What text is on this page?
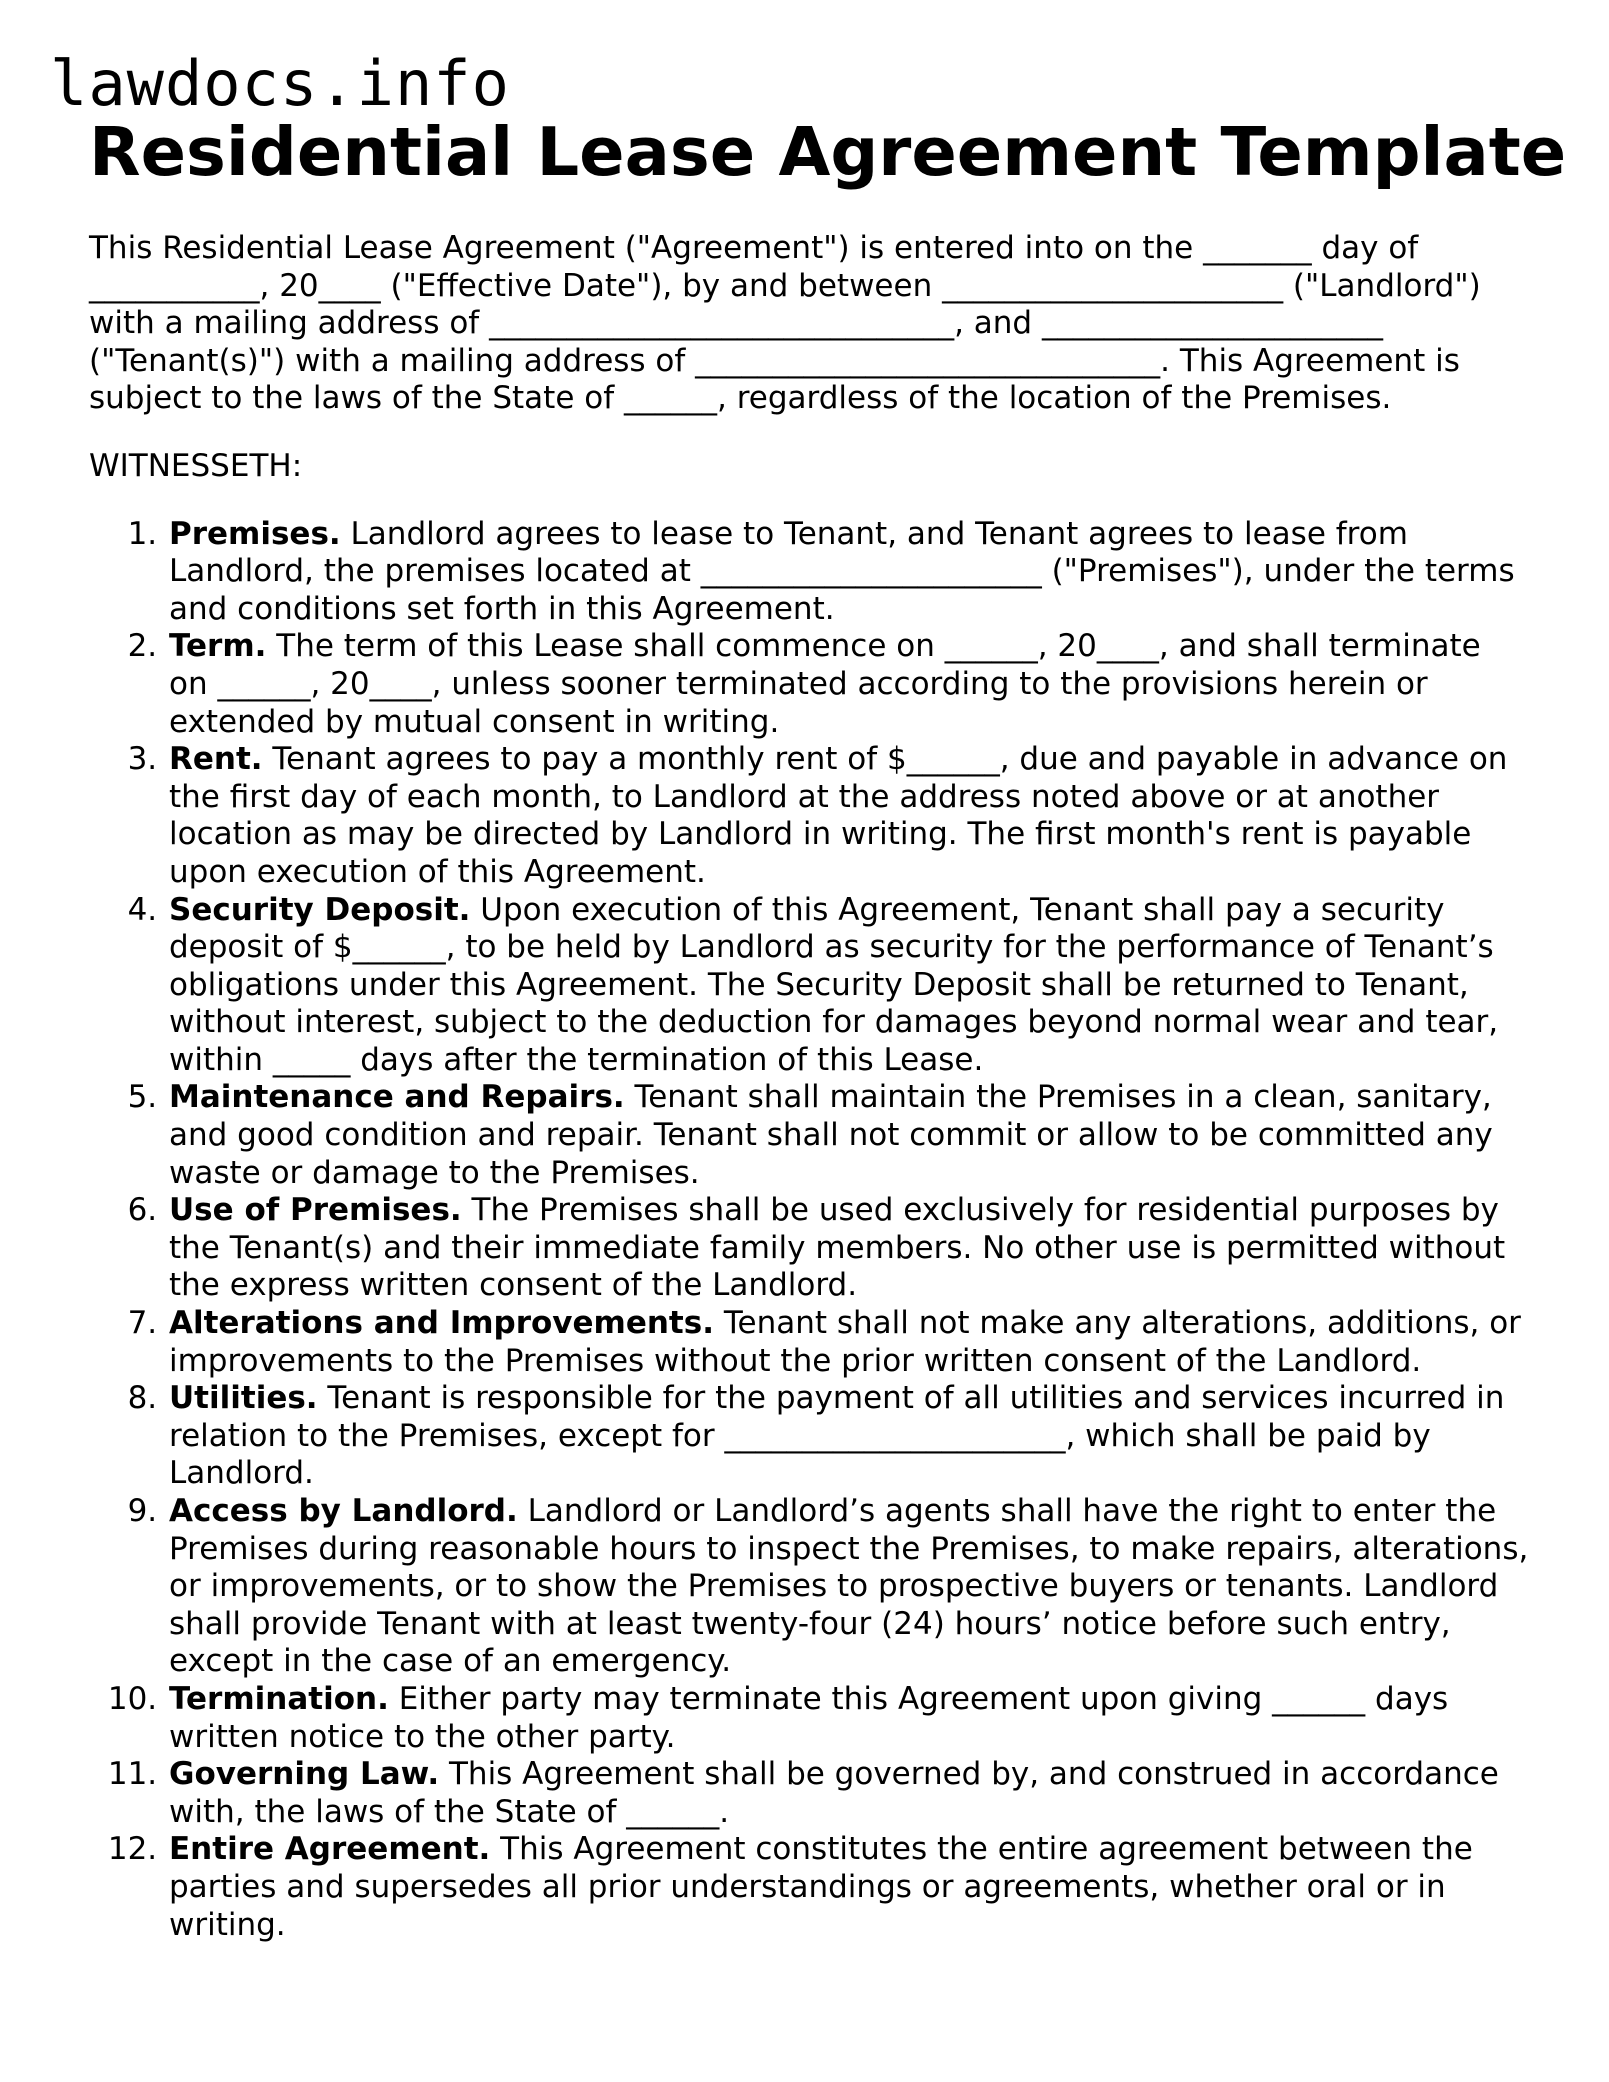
lawdocs.info
Residential Lease Agreement Template

This Residential Lease Agreement ("Agreement") is entered into on the _______ day of
___________, 20____ ("Effective Date"), by and between ______________________ ("Landlord")
with a mailing address of ______________________________, and ______________________
("Tenant(s)") with a mailing address of ______________________________. This Agreement is
subject to the laws of the State of ______, regardless of the location of the Premises.

WITNESSETH:

1. Premises. Landlord agrees to lease to Tenant, and Tenant agrees to lease from Landlord, the premises located at ______________________ ("Premises"), under the terms and conditions set forth in this Agreement.
2. Term. The term of this Lease shall commence on ______, 20____, and shall terminate on ______, 20____, unless sooner terminated according to the provisions herein or extended by mutual consent in writing.
3. Rent. Tenant agrees to pay a monthly rent of $______, due and payable in advance on the first day of each month, to Landlord at the address noted above or at another location as may be directed by Landlord in writing. The first month's rent is payable upon execution of this Agreement.
4. Security Deposit. Upon execution of this Agreement, Tenant shall pay a security deposit of $______, to be held by Landlord as security for the performance of Tenant’s obligations under this Agreement. The Security Deposit shall be returned to Tenant, without interest, subject to the deduction for damages beyond normal wear and tear, within _____ days after the termination of this Lease.
5. Maintenance and Repairs. Tenant shall maintain the Premises in a clean, sanitary, and good condition and repair. Tenant shall not commit or allow to be committed any waste or damage to the Premises.
6. Use of Premises. The Premises shall be used exclusively for residential purposes by the Tenant(s) and their immediate family members. No other use is permitted without the express written consent of the Landlord.
7. Alterations and Improvements. Tenant shall not make any alterations, additions, or improvements to the Premises without the prior written consent of the Landlord.
8. Utilities. Tenant is responsible for the payment of all utilities and services incurred in relation to the Premises, except for ______________________, which shall be paid by Landlord.
9. Access by Landlord. Landlord or Landlord’s agents shall have the right to enter the Premises during reasonable hours to inspect the Premises, to make repairs, alterations, or improvements, or to show the Premises to prospective buyers or tenants. Landlord shall provide Tenant with at least twenty-four (24) hours’ notice before such entry, except in the case of an emergency.
10. Termination. Either party may terminate this Agreement upon giving ______ days written notice to the other party.
11. Governing Law. This Agreement shall be governed by, and construed in accordance with, the laws of the State of ______.
12. Entire Agreement. This Agreement constitutes the entire agreement between the parties and supersedes all prior understandings or agreements, whether oral or in writing.
